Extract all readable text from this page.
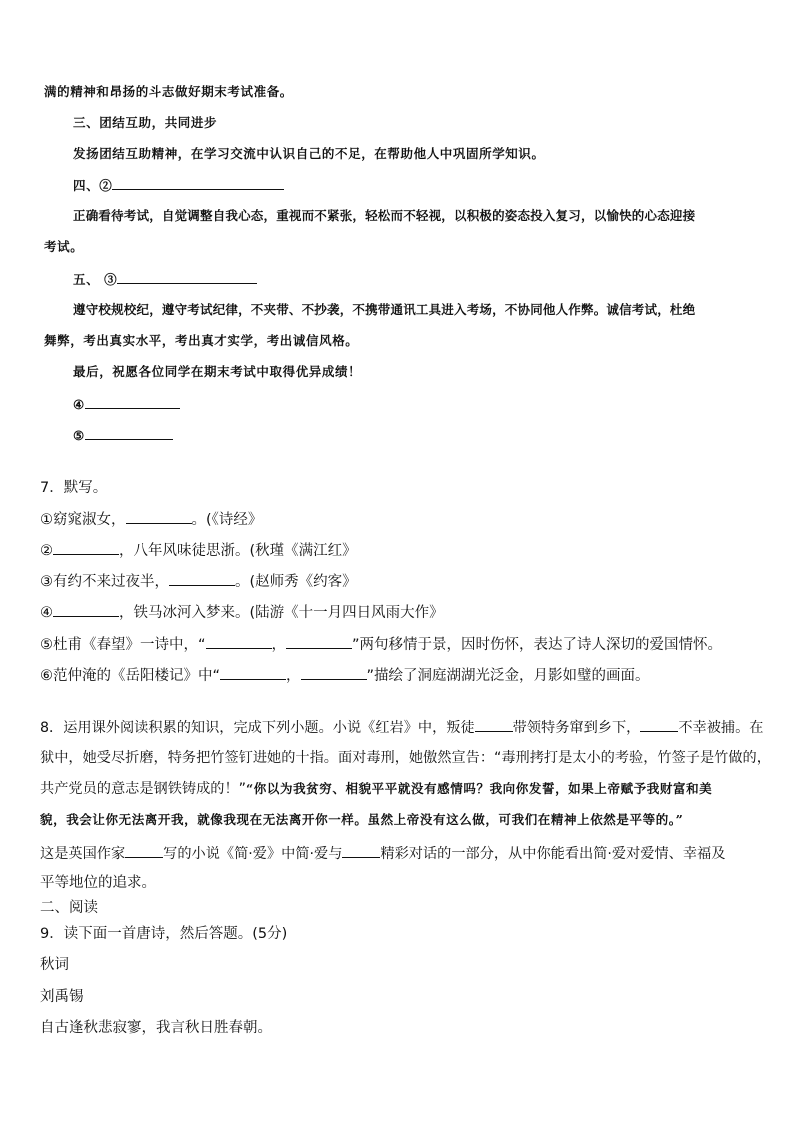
满的精神和昂扬的斗志做好期末考试准备。
三、团结互助，共同进步
发扬团结互助精神，在学习交流中认识自己的不足，在帮助他人中巩固所学知识。
四、②
正确看待考试，自觉调整自我心态，重视而不紧张，轻松而不轻视，以积极的姿态投入复习，以愉快的心态迎接
考试。
五、 ③
遵守校规校纪，遵守考试纪律，不夹带、不抄袭，不携带通讯工具进入考场，不协同他人作弊。诚信考试，杜绝
舞弊，考出真实水平，考出真才实学，考出诚信风格。
最后，祝愿各位同学在期末考试中取得优异成绩！
④
⑤
7．默写。
①窈窕淑女，	。(《诗经》
②	，八年风味徒思浙。(秋瑾《满江红》
③有约不来过夜半，	。(赵师秀《约客》
④	，铁马冰河入梦来。(陆游《十一月四日风雨大作》
⑤杜甫《春望》一诗中，“	，	”两句移情于景，因时伤怀，表达了诗人深切的爱国情怀。
⑥范仲淹的《岳阳楼记》中“	，	”描绘了洞庭湖湖光泛金，月影如璧的画面。
8．运用课外阅读积累的知识，完成下列小题。小说《红岩》中，叛徒	带领特务窜到乡下，	不幸被捕。在
狱中，她受尽折磨，特务把竹签钉进她的十指。面对毒刑，她傲然宣告：“毒刑拷打是太小的考验，竹签子是竹做的，
共产党员的意志是钢铁铸成的！”“你以为我贫穷、相貌平平就没有感情吗？我向你发誓，如果上帝赋予我财富和美
貌，我会让你无法离开我，就像我现在无法离开你一样。虽然上帝没有这么做，可我们在精神上依然是平等的。”
这是英国作家	写的小说《简·爱》中简·爱与	精彩对话的一部分，从中你能看出简·爱对爱情、幸福及
平等地位的追求。
二、阅读
9．读下面一首唐诗，然后答题。(5分)
秋词
刘禹锡
自古逢秋悲寂寥，我言秋日胜春朝。
